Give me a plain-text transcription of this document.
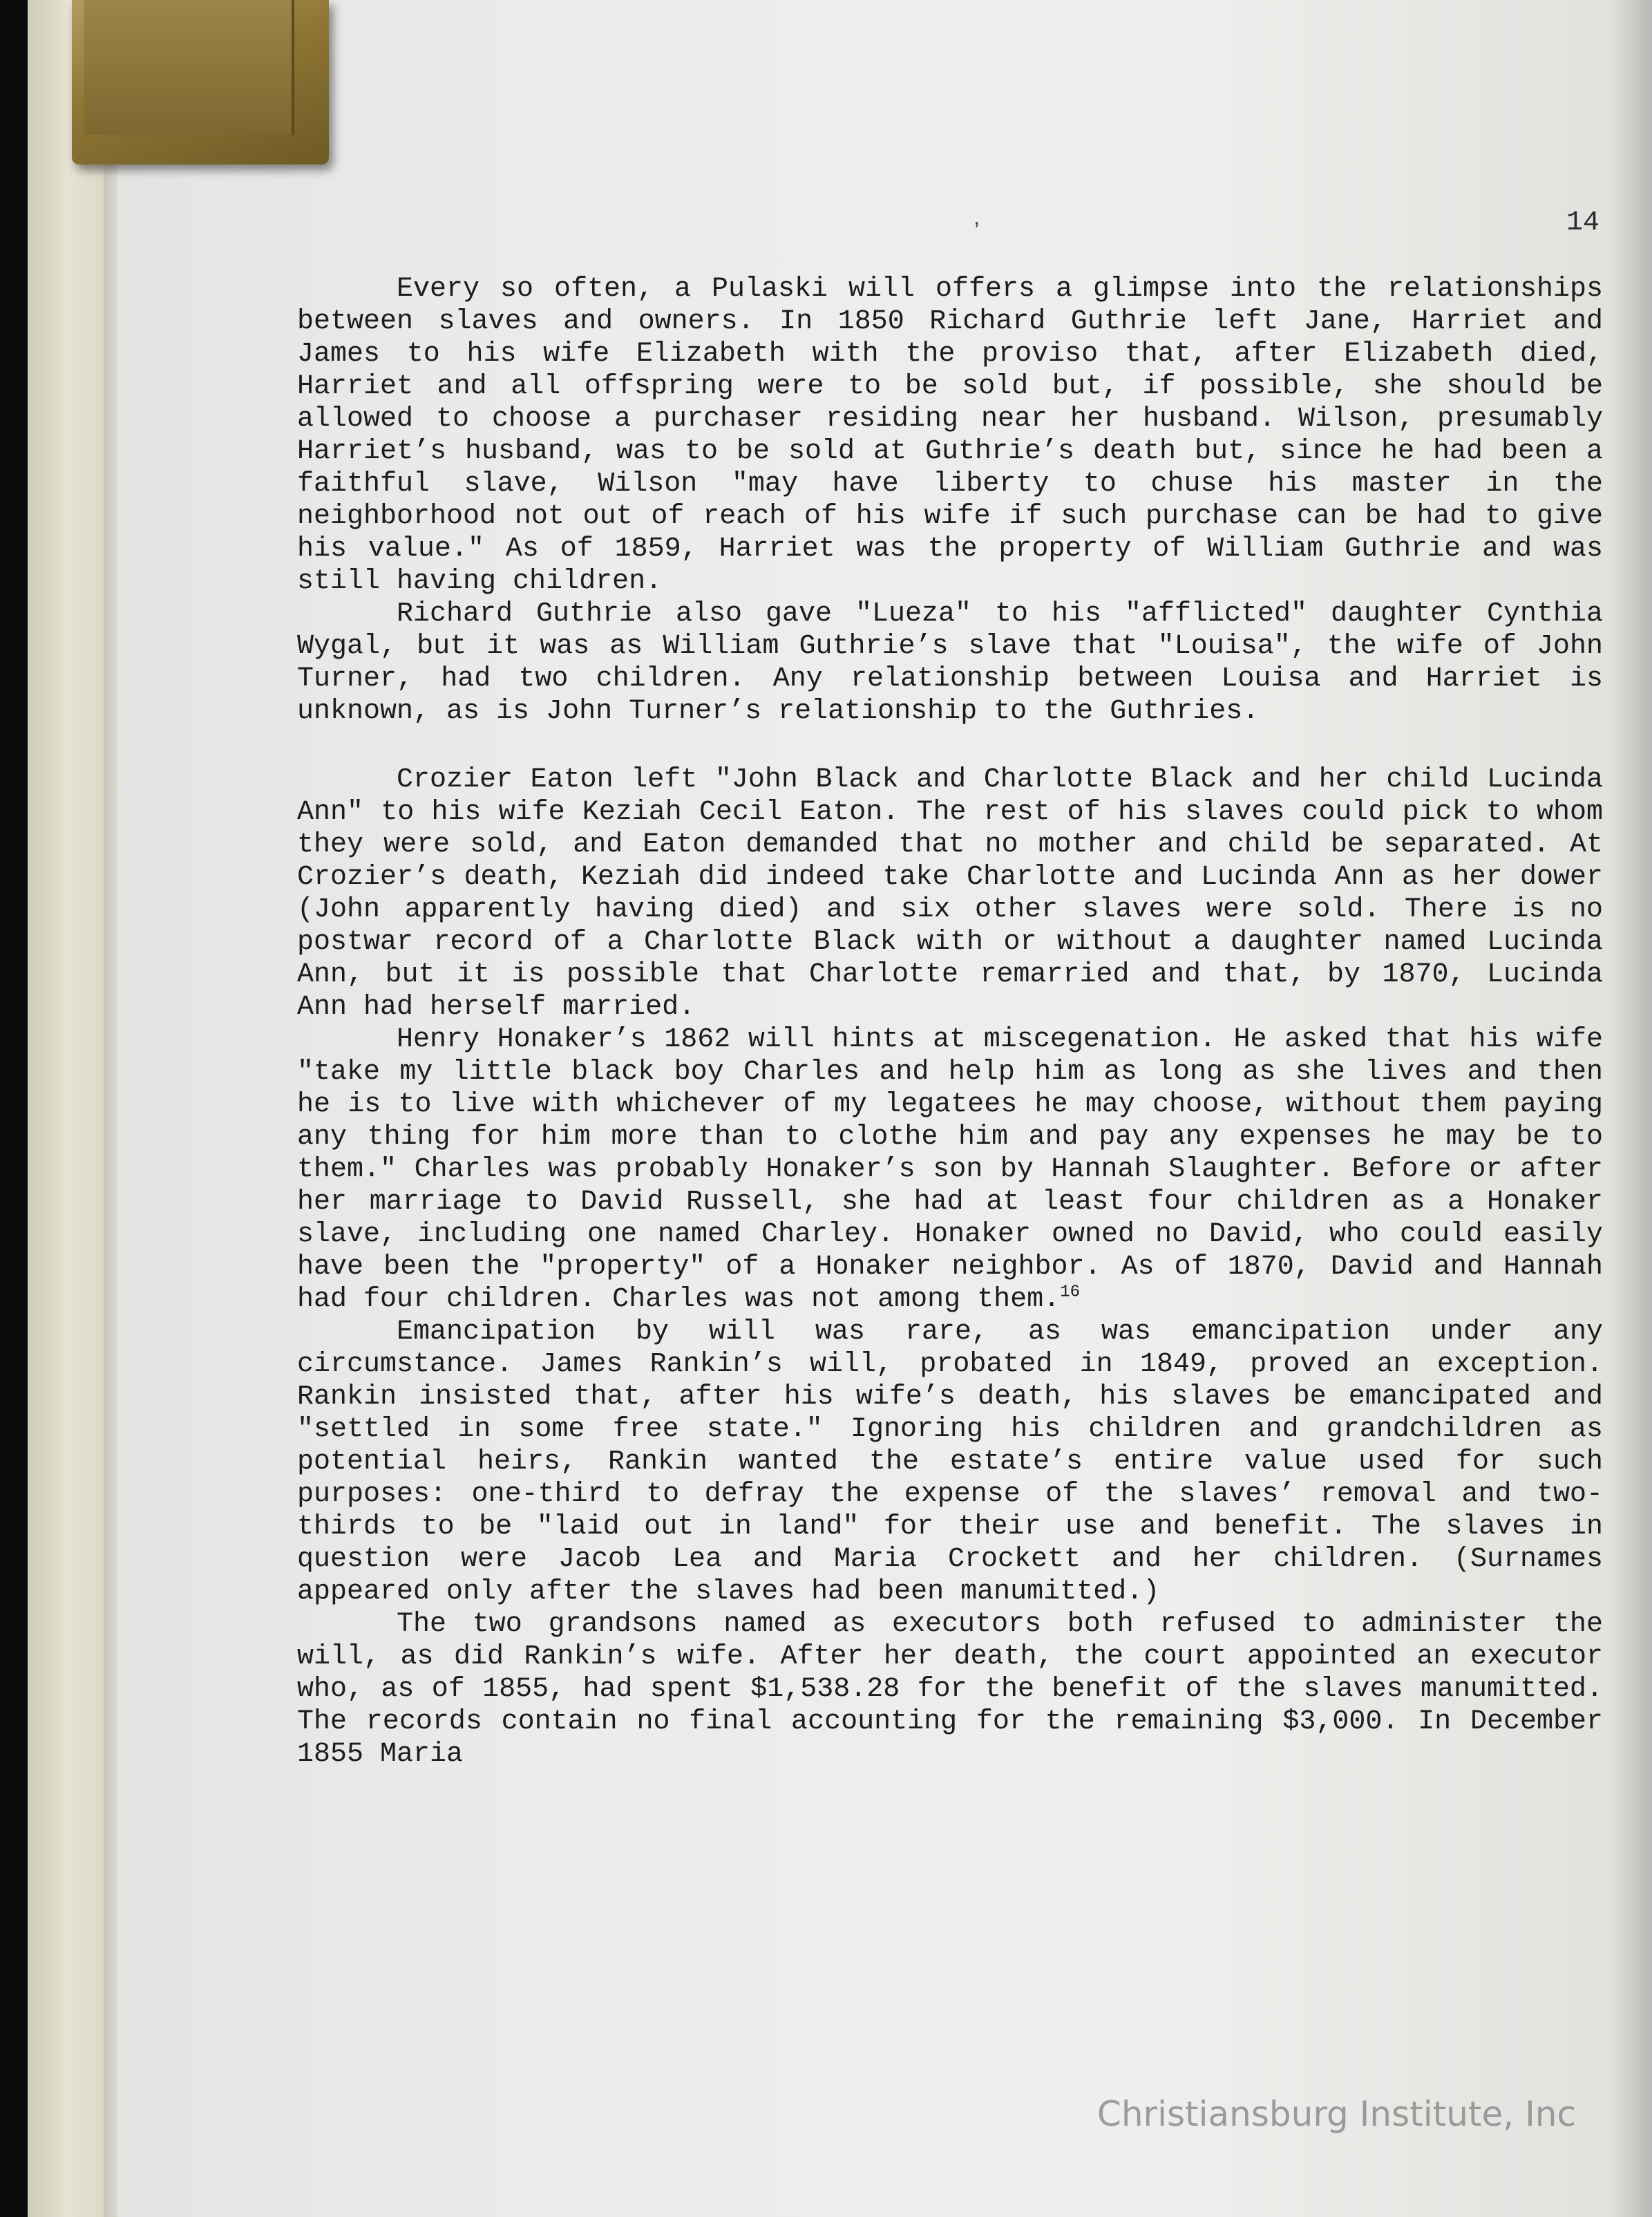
ʼ	14

Every so often, a Pulaski will offers a glimpse into the relationships between slaves and owners. In 1850 Richard Guthrie left Jane, Harriet and James to his wife Elizabeth with the proviso that, after Elizabeth died, Harriet and all offspring were to be sold but, if possible, she should be allowed to choose a purchaser residing near her husband. Wilson, presumably Harriet’s husband, was to be sold at Guthrie’s death but, since he had been a faithful slave, Wilson "may have liberty to chuse his master in the neighborhood not out of reach of his wife if such purchase can be had to give his value." As of 1859, Harriet was the property of William Guthrie and was still having children.

Richard Guthrie also gave "Lueza" to his "afflicted" daughter Cynthia Wygal, but it was as William Guthrie’s slave that "Louisa", the wife of John Turner, had two children. Any relationship between Louisa and Harriet is unknown, as is John Turner’s relationship to the Guthries.

Crozier Eaton left "John Black and Charlotte Black and her child Lucinda Ann" to his wife Keziah Cecil Eaton. The rest of his slaves could pick to whom they were sold, and Eaton demanded that no mother and child be separated. At Crozier’s death, Keziah did indeed take Charlotte and Lucinda Ann as her dower (John apparently having died) and six other slaves were sold. There is no postwar record of a Charlotte Black with or without a daughter named Lucinda Ann, but it is possible that Charlotte remarried and that, by 1870, Lucinda Ann had herself married.

Henry Honaker’s 1862 will hints at miscegenation. He asked that his wife "take my little black boy Charles and help him as long as she lives and then he is to live with whichever of my legatees he may choose, without them paying any thing for him more than to clothe him and pay any expenses he may be to them." Charles was probably Honaker’s son by Hannah Slaughter. Before or after her marriage to David Russell, she had at least four children as a Honaker slave, including one named Charley. Honaker owned no David, who could easily have been the "property" of a Honaker neighbor. As of 1870, David and Hannah had four children. Charles was not among them.$^{16}$

Emancipation by will was rare, as was emancipation under any circumstance. James Rankin’s will, probated in 1849, proved an exception. Rankin insisted that, after his wife’s death, his slaves be emancipated and "settled in some free state." Ignoring his children and grandchildren as potential heirs, Rankin wanted the estate’s entire value used for such purposes: one-third to defray the expense of the slaves’ removal and two-thirds to be "laid out in land" for their use and benefit. The slaves in question were Jacob Lea and Maria Crockett and her children. (Surnames appeared only after the slaves had been manumitted.)

The two grandsons named as executors both refused to administer the will, as did Rankin’s wife. After her death, the court appointed an executor who, as of 1855, had spent $1,538.28 for the benefit of the slaves manumitted. The records contain no final accounting for the remaining $3,000. In December 1855 Maria

Christiansburg Institute, Inc
